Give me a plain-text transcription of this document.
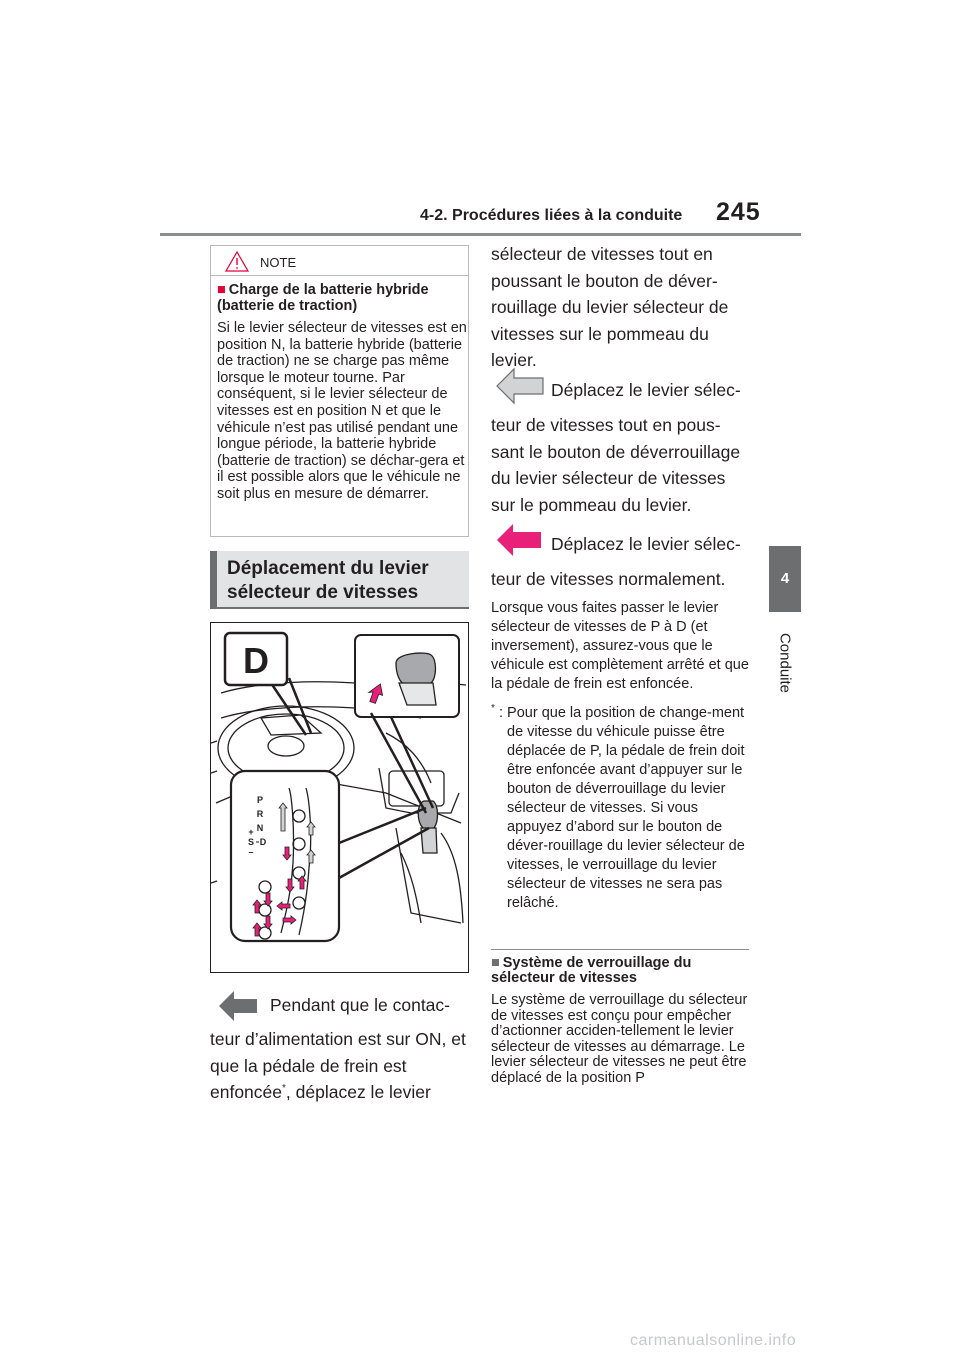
4-2. Procédures liées à la conduite 245
4
Conduite
NOTE
■ Charge de la batterie hybride (batterie de traction)
Si le levier sélecteur de vitesses est en position N, la batterie hybride (batterie de traction) ne se charge pas même lorsque le moteur tourne. Par conséquent, si le levier sélecteur de vitesses est en position N et que le véhicule n’est pas utilisé pendant une longue période, la batterie hybride (batterie de traction) se déchar-gera et il est possible alors que le véhicule ne soit plus en mesure de démarrer.
Déplacement du levier sélecteur de vitesses
D
P
R
N
D
+
S
–
Pendant que le contac-
teur d’alimentation est sur ON, et que la pédale de frein est enfoncée*, déplacez le levier
sélecteur de vitesses tout en poussant le bouton de déver-rouillage du levier sélecteur de vitesses sur le pommeau du levier.
Déplacez le levier sélec-
teur de vitesses tout en pous-sant le bouton de déverrouillage du levier sélecteur de vitesses sur le pommeau du levier.
Déplacez le levier sélec-
teur de vitesses normalement.
Lorsque vous faites passer le levier sélecteur de vitesses de P à D (et inversement), assurez-vous que le véhicule est complètement arrêté et que la pédale de frein est enfoncée.
* : Pour que la position de change-ment de vitesse du véhicule puisse être déplacée de P, la pédale de frein doit être enfoncée avant d’appuyer sur le bouton de déverrouillage du levier sélecteur de vitesses. Si vous appuyez d’abord sur le bouton de déver-rouillage du levier sélecteur de vitesses, le verrouillage du levier sélecteur de vitesses ne sera pas relâché.
■ Système de verrouillage du sélecteur de vitesses
Le système de verrouillage du sélecteur de vitesses est conçu pour empêcher d’actionner acciden-tellement le levier sélecteur de vitesses au démarrage. Le levier sélecteur de vitesses ne peut être déplacé de la position P
carmanualsonline.info
